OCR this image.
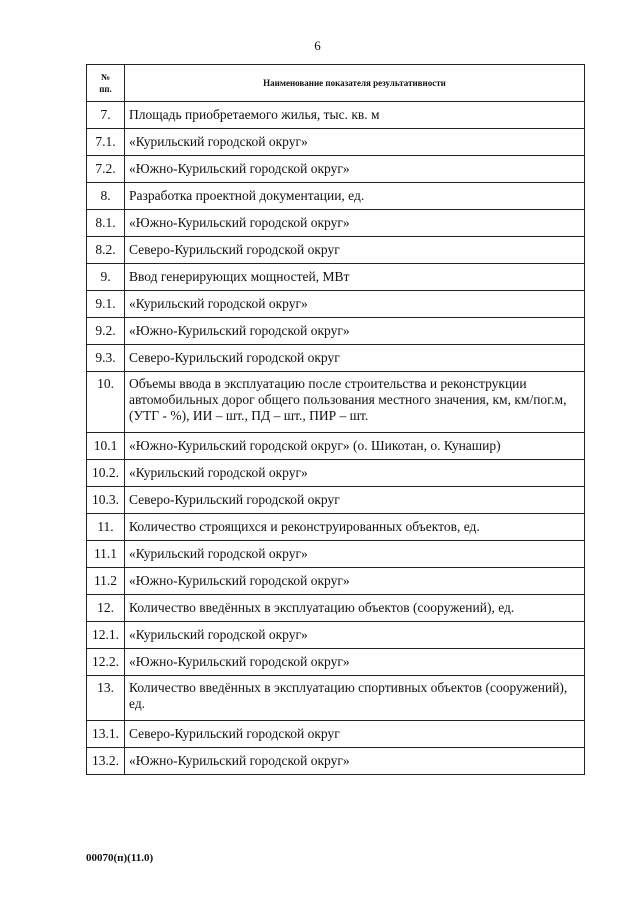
6
№
пп.	Наименование показателя результативности
7.	Площадь приобретаемого жилья, тыс. кв. м
7.1.	«Курильский городской округ»
7.2.	«Южно-Курильский городской округ»
8.	Разработка проектной документации, ед.
8.1.	«Южно-Курильский городской округ»
8.2.	Северо-Курильский городской округ
9.	Ввод генерирующих мощностей, МВт
9.1.	«Курильский городской округ»
9.2.	«Южно-Курильский городской округ»
9.3.	Северо-Курильский городской округ
10.	Объемы ввода в эксплуатацию после строительства и реконструкции автомобильных дорог общего пользования местного значения, км, км/пог.м, (УТГ - %), ИИ – шт., ПД – шт., ПИР – шт.
10.1	«Южно-Курильский городской округ» (о. Шикотан, о. Кунашир)
10.2.	«Курильский городской округ»
10.3.	Северо-Курильский городской округ
11.	Количество строящихся и реконструированных объектов, ед.
11.1	«Курильский городской округ»
11.2	«Южно-Курильский городской округ»
12.	Количество введённых в эксплуатацию объектов (сооружений), ед.
12.1.	«Курильский городской округ»
12.2.	«Южно-Курильский городской округ»
13.	Количество введённых в эксплуатацию спортивных объектов (сооружений), ед.
13.1.	Северо-Курильский городской округ
13.2.	«Южно-Курильский городской округ»
00070(п)(11.0)
